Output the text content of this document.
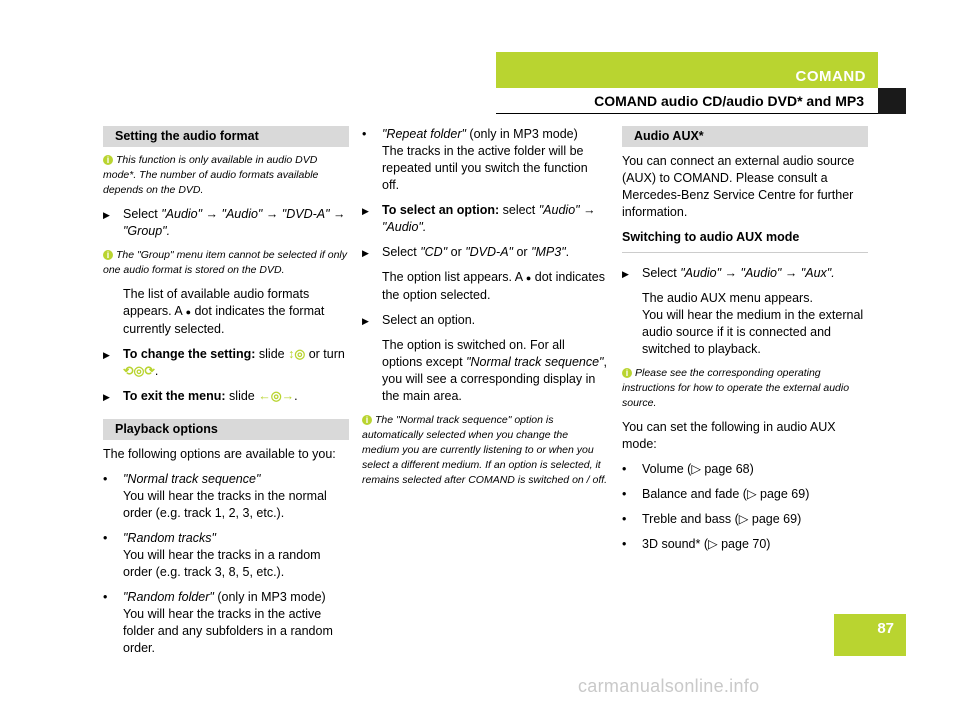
COMAND
COMAND audio CD/audio DVD* and MP3
Setting the audio format

i This function is only available in audio DVD mode*. The number of audio formats available depends on the DVD.

▶ Select "Audio" → "Audio" → "DVD-A" → "Group".

i The "Group" menu item cannot be selected if only one audio format is stored on the DVD.

The list of available audio formats appears. A ● dot indicates the format currently selected.

▶ To change the setting: slide ↕◎ or turn ⟲◎⟳.

▶ To exit the menu: slide ←◎→.

Playback options

The following options are available to you:

• "Normal track sequence"
You will hear the tracks in the normal order (e.g. track 1, 2, 3, etc.).
• "Random tracks"
You will hear the tracks in a random order (e.g. track 3, 8, 5, etc.).
• "Random folder" (only in MP3 mode)
You will hear the tracks in the active folder and any subfolders in a random order.
• "Repeat folder" (only in MP3 mode)
The tracks in the active folder will be repeated until you switch the function off.

▶ To select an option: select "Audio" → "Audio".

▶ Select "CD" or "DVD-A" or "MP3".

The option list appears. A ● dot indicates the option selected.

▶ Select an option.

The option is switched on. For all options except "Normal track sequence", you will see a corresponding display in the main area.

i The "Normal track sequence" option is automatically selected when you change the medium you are currently listening to or when you select a different medium. If an option is selected, it remains selected after COMAND is switched on / off.

Audio AUX*

You can connect an external audio source (AUX) to COMAND. Please consult a Mercedes-Benz Service Centre for further information.

Switching to audio AUX mode

▶ Select "Audio" → "Audio" → "Aux".

The audio AUX menu appears.

You will hear the medium in the external audio source if it is connected and switched to playback.

i Please see the corresponding operating instructions for how to operate the external audio source.

You can set the following in audio AUX mode:

• Volume (▷ page 68)
• Balance and fade (▷ page 69)
• Treble and bass (▷ page 69)
• 3D sound* (▷ page 70)
87
carmanualsonline.info
